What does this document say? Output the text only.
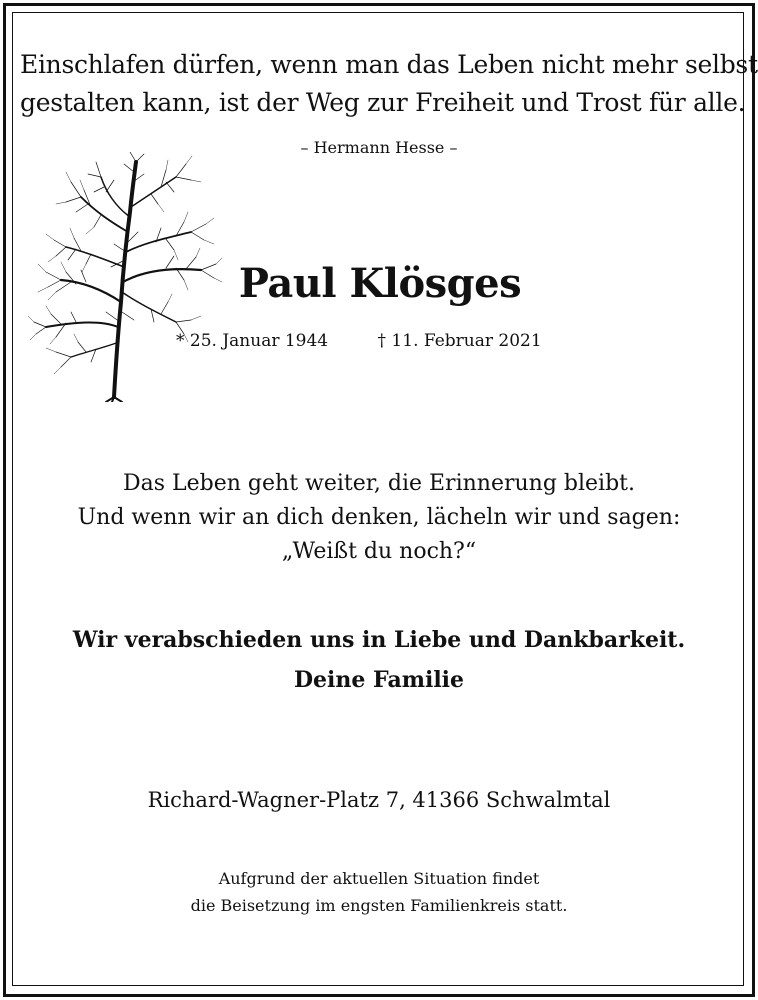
Einschlafen dürfen, wenn man das Leben nicht mehr selbst
gestalten kann, ist der Weg zur Freiheit und Trost für alle.
– Hermann Hesse –
Paul Klösges
* 25. Januar 1944	† 11. Februar 2021
Das Leben geht weiter, die Erinnerung bleibt.
Und wenn wir an dich denken, lächeln wir und sagen:
„Weißt du noch?“
Wir verabschieden uns in Liebe und Dankbarkeit.
Deine Familie
Richard-Wagner-Platz 7, 41366 Schwalmtal
Aufgrund der aktuellen Situation findet
die Beisetzung im engsten Familienkreis statt.
